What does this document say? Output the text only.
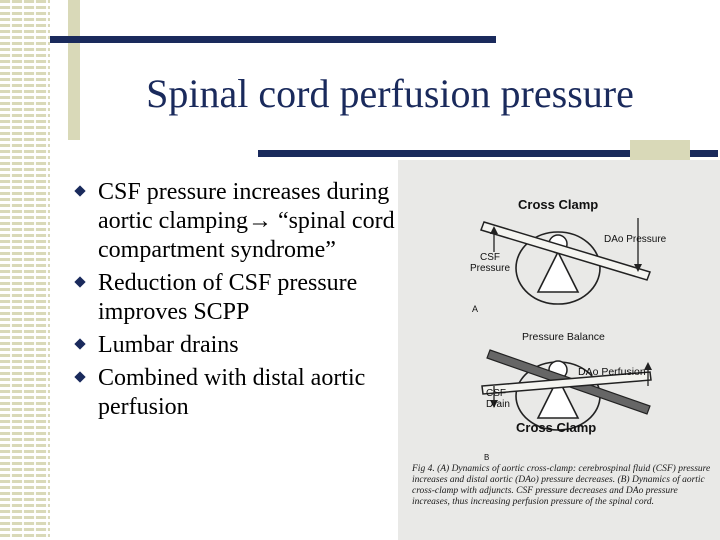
Spinal cord perfusion pressure
CSF pressure increases during aortic clamping→ “spinal cord compartment syndrome”
Reduction of CSF pressure improves SCPP
Lumbar drains
Combined with distal aortic perfusion
Cross Clamp
DAo Pressure
CSF
Pressure
A
Pressure Balance
DAo Perfusion
CSF
Drain
Cross Clamp
B
Fig 4. (A) Dynamics of aortic cross-clamp: cerebrospinal fluid (CSF) pressure increases and distal aortic (DAo) pressure decreases. (B) Dynamics of aortic cross-clamp with adjuncts. CSF pressure decreases and DAo pressure increases, thus increasing perfusion pressure of the spinal cord.
